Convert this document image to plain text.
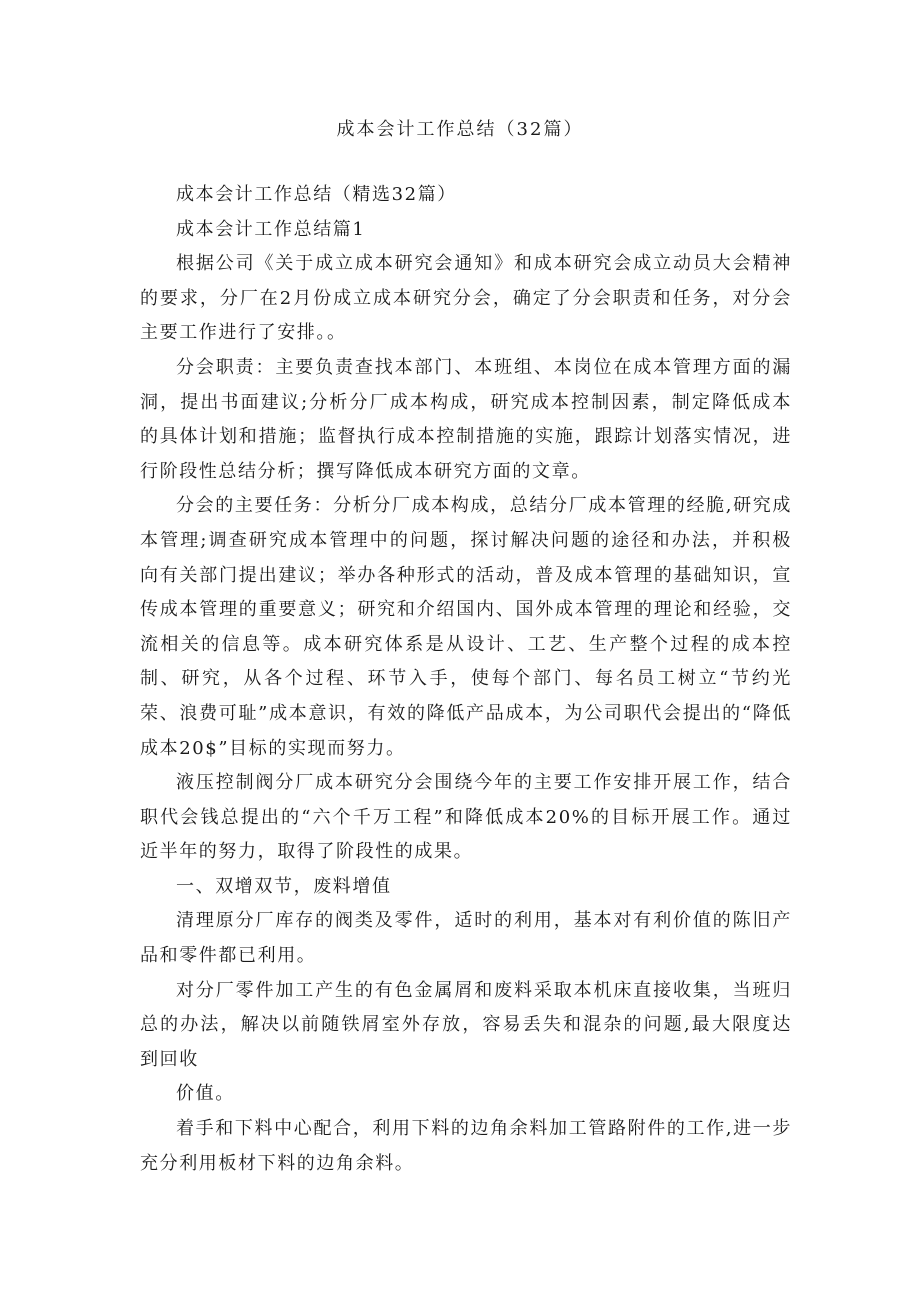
成本会计工作总结（32篇）

成本会计工作总结（精选32篇）

成本会计工作总结篇1

根据公司《关于成立成本研究会通知》和成本研究会成立动员大会精神的要求，分厂在2月份成立成本研究分会，确定了分会职责和任务，对分会主要工作进行了安排。。

分会职责：主要负责查找本部门、本班组、本岗位在成本管理方面的漏洞，提出书面建议;分析分厂成本构成，研究成本控制因素，制定降低成本的具体计划和措施；监督执行成本控制措施的实施，跟踪计划落实情况，进行阶段性总结分析；撰写降低成本研究方面的文章。

分会的主要任务：分析分厂成本构成，总结分厂成本管理的经脆,研究成本管理;调查研究成本管理中的问题，探讨解决问题的途径和办法，并积极向有关部门提出建议；举办各种形式的活动，普及成本管理的基础知识，宣传成本管理的重要意义；研究和介绍国内、国外成本管理的理论和经验，交流相关的信息等。成本研究体系是从设计、工艺、生产整个过程的成本控制、研究，从各个过程、环节入手，使每个部门、每名员工树立“节约光荣、浪费可耻”成本意识，有效的降低产品成本，为公司职代会提出的“降低成本20$”目标的实现而努力。

液压控制阀分厂成本研究分会围绕今年的主要工作安排开展工作，结合职代会钱总提出的“六个千万工程”和降低成本20%的目标开展工作。通过近半年的努力，取得了阶段性的成果。

一、双增双节，废料增值

清理原分厂库存的阀类及零件，适时的利用，基本对有利价值的陈旧产品和零件都已利用。

对分厂零件加工产生的有色金属屑和废料采取本机床直接收集，当班归总的办法，解决以前随铁屑室外存放，容易丢失和混杂的问题,最大限度达到回收

价值。

着手和下料中心配合，利用下料的边角余料加工管路附件的工作,进一步充分利用板材下料的边角余料。
